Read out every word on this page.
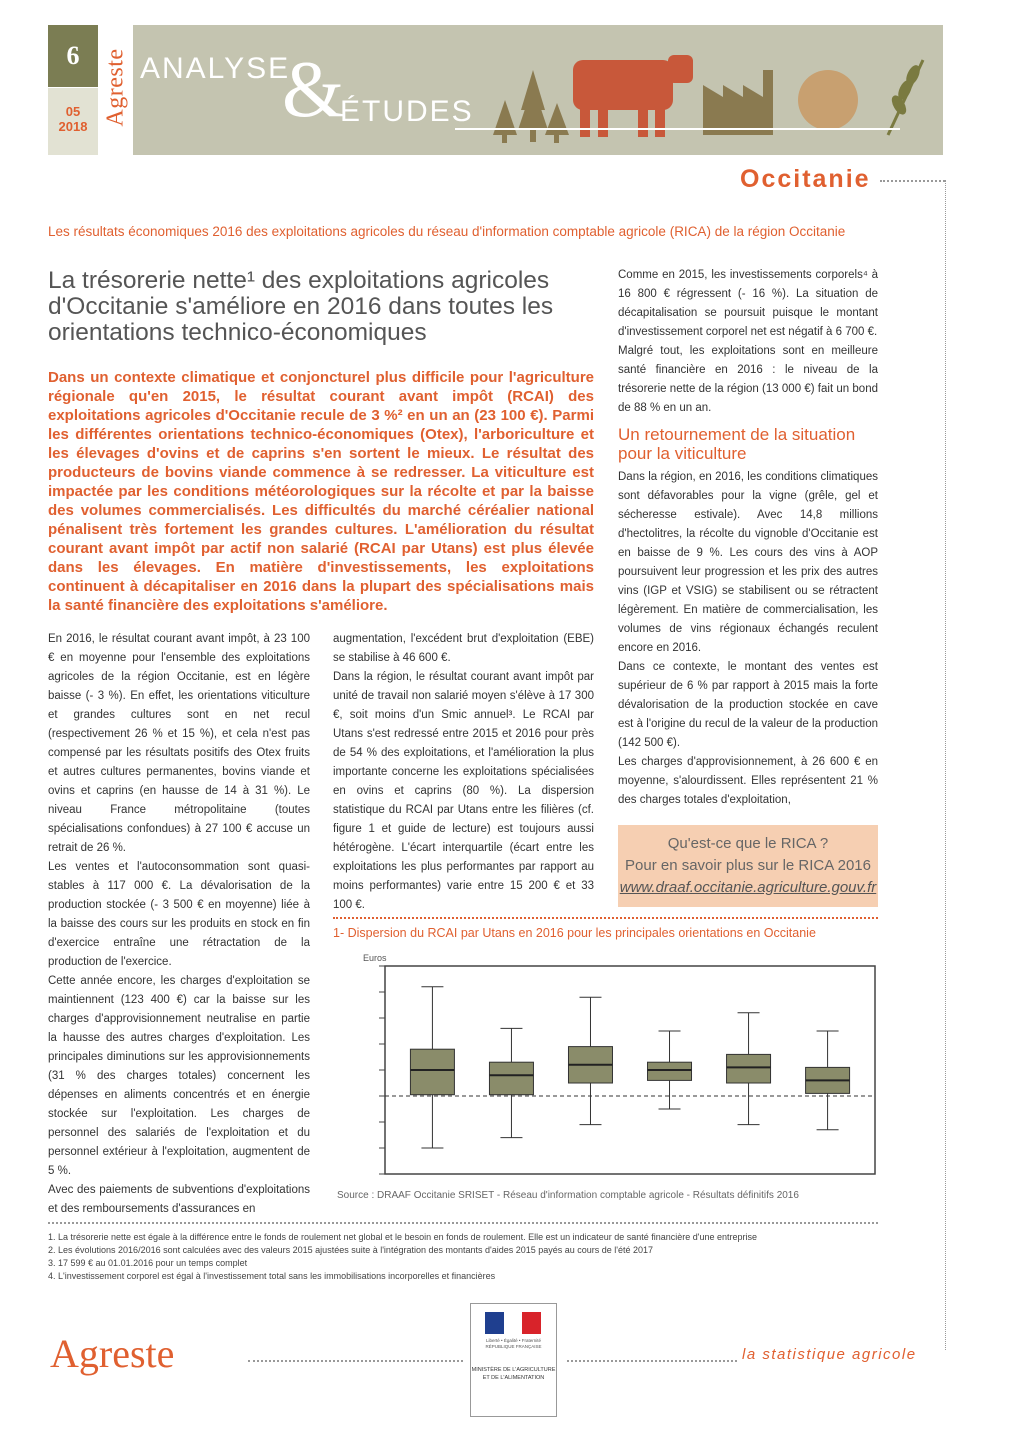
6
05
2018 Agreste ANALYSE
&
ÉTUDES
Occitanie
Les résultats économiques 2016 des exploitations agricoles du réseau d'information comptable agricole (RICA) de la région Occitanie
La trésorerie nette¹ des exploitations agricoles d'Occitanie s'améliore en 2016 dans toutes les orientations technico-économiques
Dans un contexte climatique et conjoncturel plus difficile pour l'agriculture régionale qu'en 2015, le résultat courant avant impôt (RCAI) des exploitations agricoles d'Occitanie recule de 3 %² en un an (23 100 €). Parmi les différentes orientations technico-économiques (Otex), l'arboriculture et les élevages d'ovins et de caprins s'en sortent le mieux. Le résultat des producteurs de bovins viande commence à se redresser. La viticulture est impactée par les conditions météorologiques sur la récolte et par la baisse des volumes commercialisés. Les difficultés du marché céréalier national pénalisent très fortement les grandes cultures. L'amélioration du résultat courant avant impôt par actif non salarié (RCAI par Utans) est plus élevée dans les élevages. En matière d'investissements, les exploitations continuent à décapitaliser en 2016 dans la plupart des spécialisations mais la santé financière des exploitations s'améliore.

En 2016, le résultat courant avant impôt, à 23 100 € en moyenne pour l'ensemble des exploitations agricoles de la région Occitanie, est en légère baisse (- 3 %). En effet, les orientations viticulture et grandes cultures sont en net recul (respectivement 26 % et 15 %), et cela n'est pas compensé par les résultats positifs des Otex fruits et autres cultures permanentes, bovins viande et ovins et caprins (en hausse de 14 à 31 %). Le niveau France métropolitaine (toutes spécialisations confondues) à 27 100 € accuse un retrait de 26 %.

Les ventes et l'autoconsommation sont quasi-stables à 117 000 €. La dévalorisation de la production stockée (- 3 500 € en moyenne) liée à la baisse des cours sur les produits en stock en fin d'exercice entraîne une rétractation de la production de l'exercice.

Cette année encore, les charges d'exploitation se maintiennent (123 400 €) car la baisse sur les charges d'approvisionnement neutralise en partie la hausse des autres charges d'exploitation. Les principales diminutions sur les approvisionnements (31 % des charges totales) concernent les dépenses en aliments concentrés et en énergie stockée sur l'exploitation. Les charges de personnel des salariés de l'exploitation et du personnel extérieur à l'exploitation, augmentent de 5 %.

Avec des paiements de subventions d'exploitations et des remboursements d'assurances en

augmentation, l'excédent brut d'exploitation (EBE) se stabilise à 46 600 €.

Dans la région, le résultat courant avant impôt par unité de travail non salarié moyen s'élève à 17 300 €, soit moins d'un Smic annuel³. Le RCAI par Utans s'est redressé entre 2015 et 2016 pour près de 54 % des exploitations, et l'amélioration la plus importante concerne les exploitations spécialisées en ovins et caprins (80 %). La dispersion statistique du RCAI par Utans entre les filières (cf. figure 1 et guide de lecture) est toujours aussi hétérogène. L'écart interquartile (écart entre les exploitations les plus performantes par rapport au moins performantes) varie entre 15 200 € et 33 100 €.

Comme en 2015, les investissements corporels⁴ à 16 800 € régressent (- 16 %). La situation de décapitalisation se poursuit puisque le montant d'investissement corporel net est négatif à 6 700 €.

Malgré tout, les exploitations sont en meilleure santé financière en 2016 : le niveau de la trésorerie nette de la région (13 000 €) fait un bond de 88 % en un an.

Un retournement de la situation pour la viticulture

Dans la région, en 2016, les conditions climatiques sont défavorables pour la vigne (grêle, gel et sécheresse estivale). Avec 14,8 millions d'hectolitres, la récolte du vignoble d'Occitanie est en baisse de 9 %. Les cours des vins à AOP poursuivent leur progression et les prix des autres vins (IGP et VSIG) se stabilisent ou se rétractent légèrement. En matière de commercialisation, les volumes de vins régionaux échangés reculent encore en 2016.

Dans ce contexte, le montant des ventes est supérieur de 6 % par rapport à 2015 mais la forte dévalorisation de la production stockée en cave est à l'origine du recul de la valeur de la production (142 500 €).

Les charges d'approvisionnement, à 26 600 € en moyenne, s'alourdissent. Elles représentent 21 % des charges totales d'exploitation,

Qu'est-ce que le RICA ?
Pour en savoir plus sur le RICA 2016
www.draaf.occitanie.agriculture.gouv.fr
1- Dispersion du RCAI par Utans en 2016 pour les principales orientations en Occitanie
Euros
Source : DRAAF Occitanie SRISET - Réseau d'information comptable agricole - Résultats définitifs 2016
1. La trésorerie nette est égale à la différence entre le fonds de roulement net global et le besoin en fonds de roulement. Elle est un indicateur de santé financière d'une entreprise
2. Les évolutions 2016/2016 sont calculées avec des valeurs 2015 ajustées suite à l'intégration des montants d'aides 2015 payés au cours de l'été 2017
3. 17 599 € au 01.01.2016 pour un temps complet
4. L'investissement corporel est égal à l'investissement total sans les immobilisations incorporelles et financières
Agreste	Liberté • Égalité • Fraternité RÉPUBLIQUE FRANÇAISE
MINISTÈRE DE L'AGRICULTURE ET DE L'ALIMENTATION
la statistique agricole
